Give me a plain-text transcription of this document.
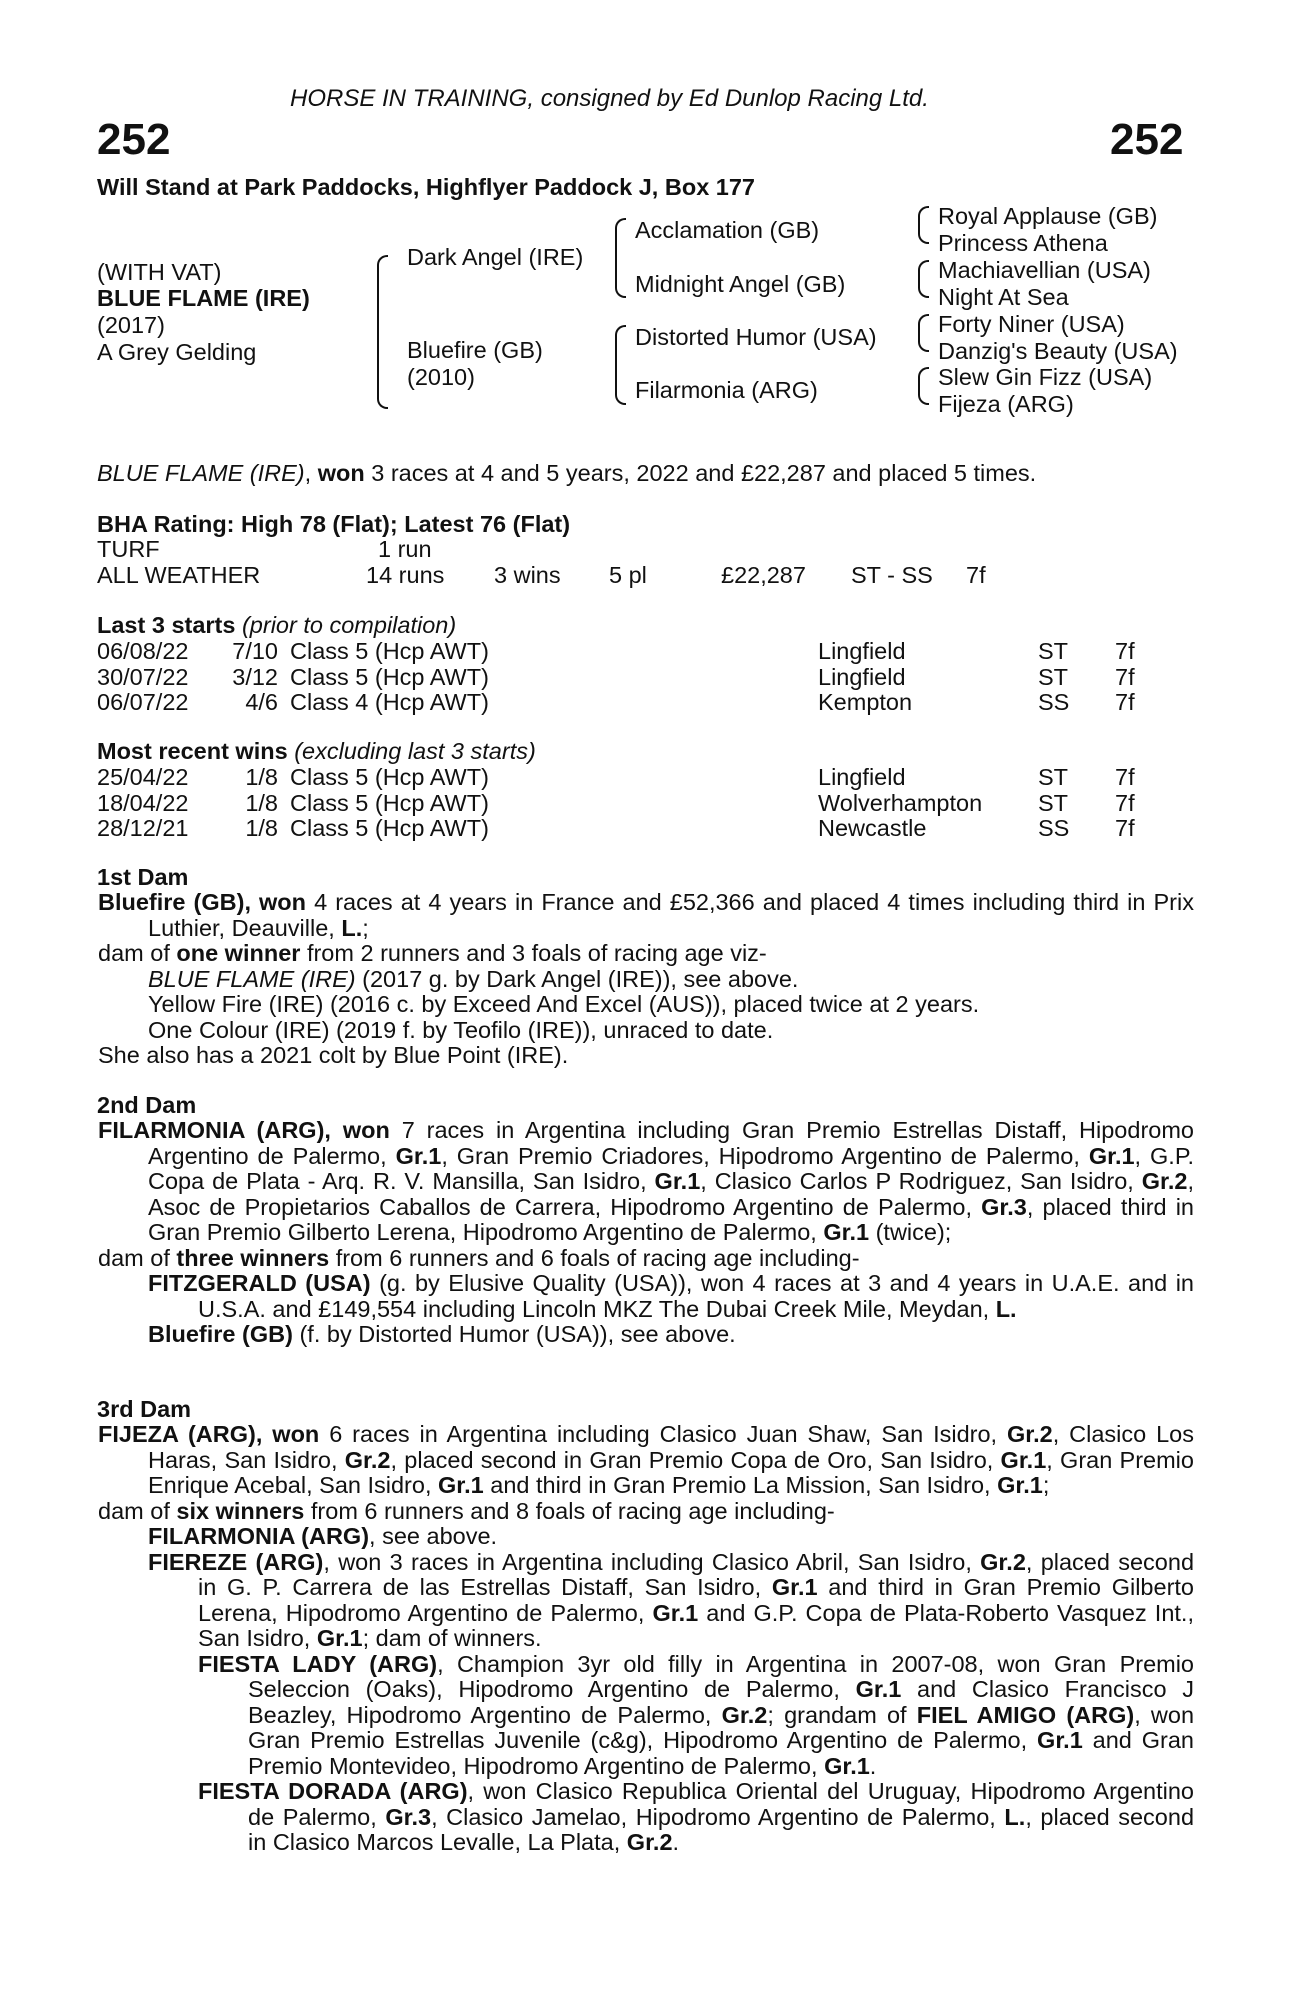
HORSE IN TRAINING, consigned by Ed Dunlop Racing Ltd.
252	252
Will Stand at Park Paddocks, Highflyer Paddock J, Box 177
(WITH VAT)
BLUE FLAME (IRE)
(2017)
A Grey Gelding
Dark Angel (IRE)
Bluefire (GB)
(2010)
Acclamation (GB)
Midnight Angel (GB)
Distorted Humor (USA)
Filarmonia (ARG)
Royal Applause (GB)
Princess Athena
Machiavellian (USA)
Night At Sea
Forty Niner (USA)
Danzig's Beauty (USA)
Slew Gin Fizz (USA)
Fijeza (ARG)
BLUE FLAME (IRE), won 3 races at 4 and 5 years, 2022 and £22,287 and placed 5 times.
BHA Rating: High 78 (Flat); Latest 76 (Flat)
TURF	1 run
ALL WEATHER	14 runs 3 wins 5 pl	£22,287 ST - SS 7f
Last 3 starts (prior to compilation)
06/08/22 7/10 Class 5 (Hcp AWT)	Lingfield	ST 7f
30/07/22 3/12 Class 5 (Hcp AWT)	Lingfield	ST 7f
06/07/22 4/6 Class 4 (Hcp AWT)	Kempton	SS 7f
Most recent wins (excluding last 3 starts)
25/04/22 1/8 Class 5 (Hcp AWT)	Lingfield	ST 7f
18/04/22 1/8 Class 5 (Hcp AWT)	Wolverhampton ST 7f
28/12/21 1/8 Class 5 (Hcp AWT)	Newcastle	SS 7f
1st Dam
Bluefire (GB), won 4 races at 4 years in France and £52,366 and placed 4 times including third in Prix Luthier, Deauville, L.;
dam of one winner from 2 runners and 3 foals of racing age viz-
BLUE FLAME (IRE) (2017 g. by Dark Angel (IRE)), see above.
Yellow Fire (IRE) (2016 c. by Exceed And Excel (AUS)), placed twice at 2 years.
One Colour (IRE) (2019 f. by Teofilo (IRE)), unraced to date.
She also has a 2021 colt by Blue Point (IRE).
2nd Dam
FILARMONIA (ARG), won 7 races in Argentina including Gran Premio Estrellas Distaff, Hipodromo Argentino de Palermo, Gr.1, Gran Premio Criadores, Hipodromo Argentino de Palermo, Gr.1, G.P. Copa de Plata - Arq. R. V. Mansilla, San Isidro, Gr.1, Clasico Carlos P Rodriguez, San Isidro, Gr.2, Asoc de Propietarios Caballos de Carrera, Hipodromo Argentino de Palermo, Gr.3, placed third in Gran Premio Gilberto Lerena, Hipodromo Argentino de Palermo, Gr.1 (twice);
dam of three winners from 6 runners and 6 foals of racing age including-
FITZGERALD (USA) (g. by Elusive Quality (USA)), won 4 races at 3 and 4 years in U.A.E. and in U.S.A. and £149,554 including Lincoln MKZ The Dubai Creek Mile, Meydan, L.
Bluefire (GB) (f. by Distorted Humor (USA)), see above.
3rd Dam
FIJEZA (ARG), won 6 races in Argentina including Clasico Juan Shaw, San Isidro, Gr.2, Clasico Los Haras, San Isidro, Gr.2, placed second in Gran Premio Copa de Oro, San Isidro, Gr.1, Gran Premio Enrique Acebal, San Isidro, Gr.1 and third in Gran Premio La Mission, San Isidro, Gr.1;
dam of six winners from 6 runners and 8 foals of racing age including-
FILARMONIA (ARG), see above.
FIEREZE (ARG), won 3 races in Argentina including Clasico Abril, San Isidro, Gr.2, placed second in G. P. Carrera de las Estrellas Distaff, San Isidro, Gr.1 and third in Gran Premio Gilberto Lerena, Hipodromo Argentino de Palermo, Gr.1 and G.P. Copa de Plata-Roberto Vasquez Int., San Isidro, Gr.1; dam of winners.
FIESTA LADY (ARG), Champion 3yr old filly in Argentina in 2007-08, won Gran Premio Seleccion (Oaks), Hipodromo Argentino de Palermo, Gr.1 and Clasico Francisco J Beazley, Hipodromo Argentino de Palermo, Gr.2; grandam of FIEL AMIGO (ARG), won Gran Premio Estrellas Juvenile (c&g), Hipodromo Argentino de Palermo, Gr.1 and Gran Premio Montevideo, Hipodromo Argentino de Palermo, Gr.1.
FIESTA DORADA (ARG), won Clasico Republica Oriental del Uruguay, Hipodromo Argentino de Palermo, Gr.3, Clasico Jamelao, Hipodromo Argentino de Palermo, L., placed second in Clasico Marcos Levalle, La Plata, Gr.2.
